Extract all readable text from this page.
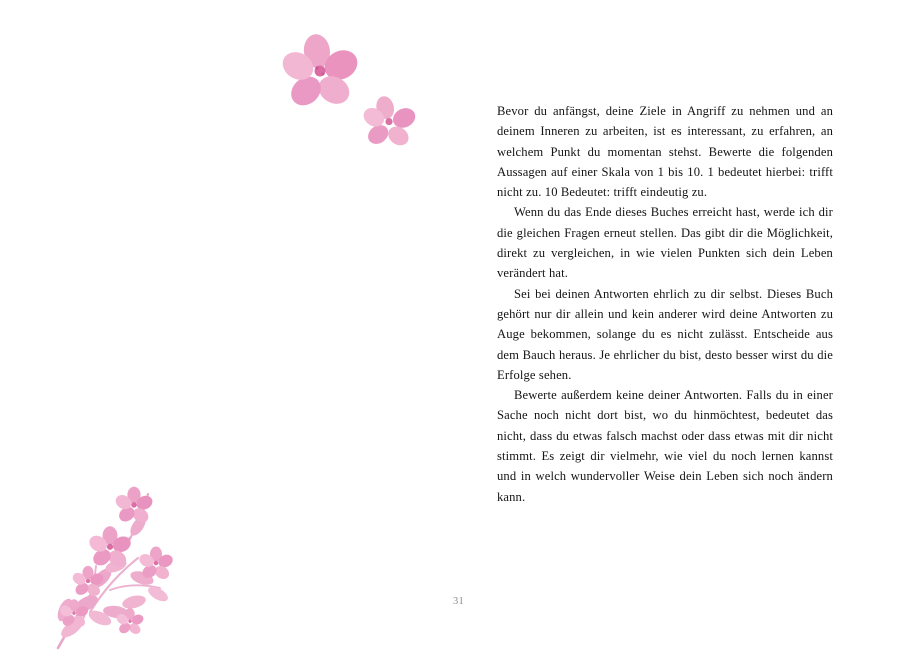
Bevor du anfängst, deine Ziele in Angriff zu nehmen und an deinem Inneren zu arbeiten, ist es interessant, zu erfahren, an welchem Punkt du momentan stehst. Bewerte die folgenden Aussagen auf einer Skala von 1 bis 10. 1 bedeutet hierbei: trifft nicht zu. 10 Bedeutet: trifft eindeutig zu.

Wenn du das Ende dieses Buches erreicht hast, werde ich dir die gleichen Fragen erneut stellen. Das gibt dir die Möglichkeit, direkt zu vergleichen, in wie vielen Punkten sich dein Leben verändert hat.

Sei bei deinen Antworten ehrlich zu dir selbst. Dieses Buch gehört nur dir allein und kein anderer wird deine Antworten zu Auge bekommen, solange du es nicht zulässt. Entscheide aus dem Bauch heraus. Je ehrlicher du bist, desto besser wirst du die Erfolge sehen.

Bewerte außerdem keine deiner Antworten. Falls du in einer Sache noch nicht dort bist, wo du hinmöchtest, bedeutet das nicht, dass du etwas falsch machst oder dass etwas mit dir nicht stimmt. Es zeigt dir vielmehr, wie viel du noch lernen kannst und in welch wundervoller Weise dein Leben sich noch ändern kann.

31
